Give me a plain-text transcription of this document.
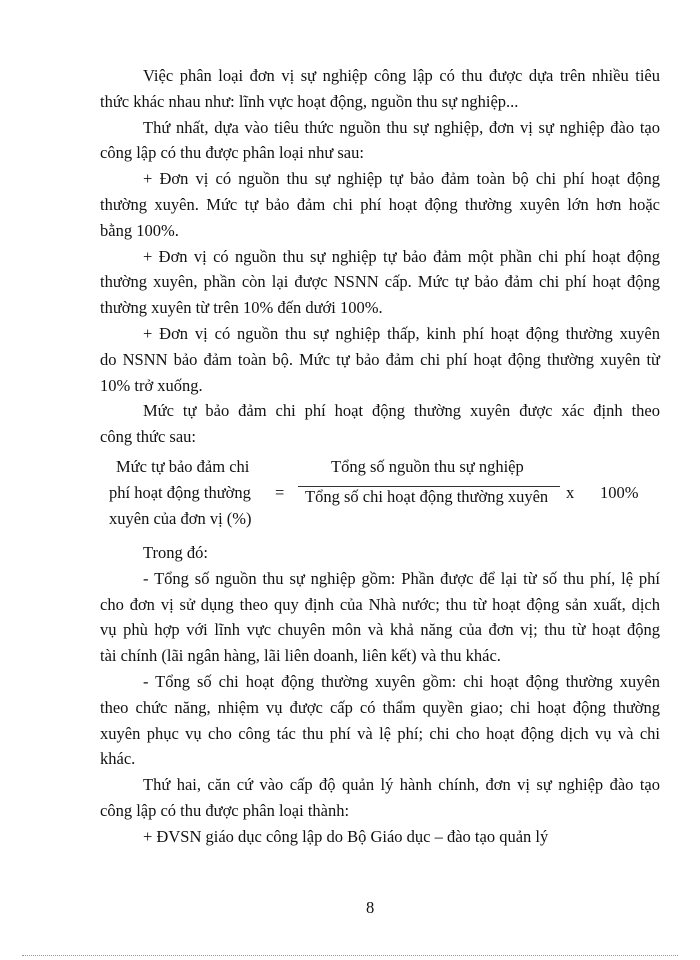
Việc phân loại đơn vị sự nghiệp công lập có thu được dựa trên nhiều tiêu
thức khác nhau như: lĩnh vực hoạt động, nguồn thu sự nghiệp...
Thứ nhất, dựa vào tiêu thức nguồn thu sự nghiệp, đơn vị sự nghiệp đào tạo
công lập có thu được phân loại như sau:
+ Đơn vị có nguồn thu sự nghiệp tự bảo đảm toàn bộ chi phí hoạt động
thường xuyên. Mức tự bảo đảm chi phí hoạt động thường xuyên lớn hơn hoặc
bằng 100%.
+ Đơn vị có nguồn thu sự nghiệp tự bảo đảm một phần chi phí hoạt động
thường xuyên, phần còn lại được NSNN cấp. Mức tự bảo đảm chi phí hoạt động
thường xuyên từ trên 10% đến dưới 100%.
+ Đơn vị có nguồn thu sự nghiệp thấp, kinh phí hoạt động thường xuyên
do NSNN bảo đảm toàn bộ. Mức tự bảo đảm chi phí hoạt động thường xuyên từ
10% trở xuống.
Mức tự bảo đảm chi phí hoạt động thường xuyên được xác định theo
công thức sau:
Mức tự bảo đảm chi
phí hoạt động thường
xuyên của đơn vị (%)
=
Tổng số nguồn thu sự nghiệp
Tổng số chi hoạt động thường xuyên x 100%
Trong đó:
- Tổng số nguồn thu sự nghiệp gồm: Phần được để lại từ số thu phí, lệ phí
cho đơn vị sử dụng theo quy định của Nhà nước; thu từ hoạt động sản xuất, dịch
vụ phù hợp với lĩnh vực chuyên môn và khả năng của đơn vị; thu từ hoạt động
tài chính (lãi ngân hàng, lãi liên doanh, liên kết) và thu khác.
- Tổng số chi hoạt động thường xuyên gồm: chi hoạt động thường xuyên
theo chức năng, nhiệm vụ được cấp có thẩm quyền giao; chi hoạt động thường
xuyên phục vụ cho công tác thu phí và lệ phí; chi cho hoạt động dịch vụ và chi
khác.
Thứ hai, căn cứ vào cấp độ quản lý hành chính, đơn vị sự nghiệp đào tạo
công lập có thu được phân loại thành:
+ ĐVSN giáo dục công lập do Bộ Giáo dục – đào tạo quản lý
8
